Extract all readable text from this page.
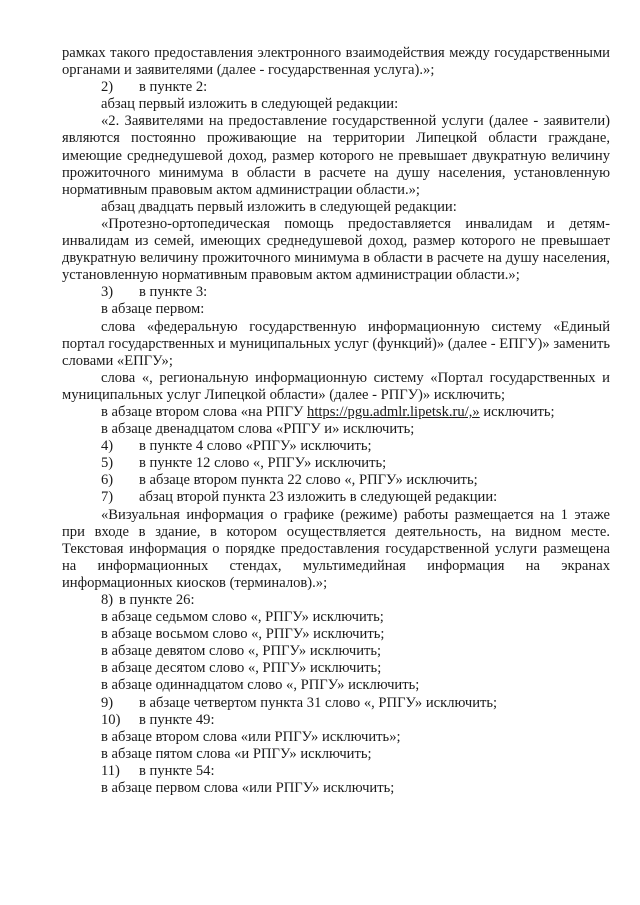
рамках такого предоставления электронного взаимодействия между государственными органами и заявителями (далее - государственная услуга).»;

2)	в пункте 2:

абзац первый изложить в следующей редакции:

«2. Заявителями на предоставление государственной услуги (далее - заявители) являются постоянно проживающие на территории Липецкой области граждане, имеющие среднедушевой доход, размер которого не превышает двукратную величину прожиточного минимума в области в расчете на душу населения, установленную нормативным правовым актом администрации области.»;

абзац двадцать первый изложить в следующей редакции:

«Протезно-ортопедическая помощь предоставляется инвалидам и детям-инвалидам из семей, имеющих среднедушевой доход, размер которого не превышает двукратную величину прожиточного минимума в области в расчете на душу населения, установленную нормативным правовым актом администрации области.»;

3)	в пункте 3:

в абзаце первом:

слова «федеральную государственную информационную систему «Единый портал государственных и муниципальных услуг (функций)» (далее - ЕПГУ)» заменить словами «ЕПГУ»;

слова «, региональную информационную систему «Портал государственных и муниципальных услуг Липецкой области» (далее - РПГУ)» исключить;

в абзаце втором слова «на РПГУ https://pgu.admlr.lipetsk.ru/,» исключить;

в абзаце двенадцатом слова «РПГУ и» исключить;

4)	в пункте 4 слово «РПГУ» исключить;
5)	в пункте 12 слово «, РПГУ» исключить;
6)	в абзаце втором пункта 22 слово «, РПГУ» исключить;
7)	абзац второй пункта 23 изложить в следующей редакции:

«Визуальная информация о графике (режиме) работы размещается на 1 этаже при входе в здание, в котором осуществляется деятельность, на видном месте. Текстовая информация о порядке предоставления государственной услуги размещена на информационных стендах, мультимедийная информация на экранах информационных киосков (терминалов).»;

8) в пункте 26:

в абзаце седьмом слово «, РПГУ» исключить;

в абзаце восьмом слово «, РПГУ» исключить;

в абзаце девятом слово «, РПГУ» исключить;

в абзаце десятом слово «, РПГУ» исключить;

в абзаце одиннадцатом слово «, РПГУ» исключить;

9)	в абзаце четвертом пункта 31 слово «, РПГУ» исключить;
10)	в пункте 49:

в абзаце втором слова «или РПГУ» исключить»;

в абзаце пятом слова «и РПГУ» исключить;

11)	в пункте 54:

в абзаце первом слова «или РПГУ» исключить;
